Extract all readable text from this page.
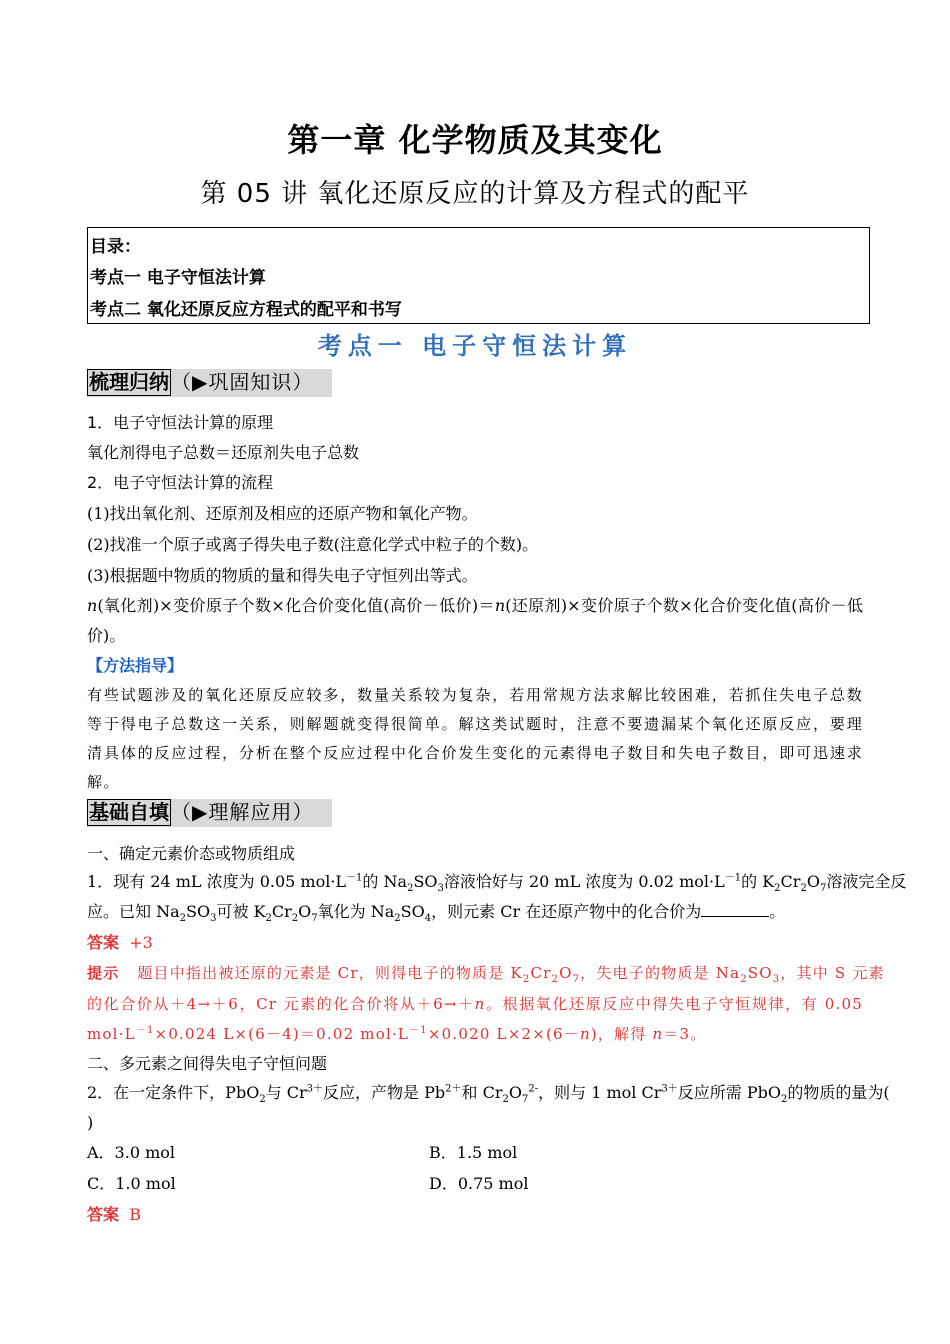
第一章 化学物质及其变化
第 05 讲 氧化还原反应的计算及方程式的配平
目录：
考点一 电子守恒法计算
考点二 氧化还原反应方程式的配平和书写
考点一 电子守恒法计算
梳理归纳 （▶巩固知识）
1．电子守恒法计算的原理
氧化剂得电子总数＝还原剂失电子总数
2．电子守恒法计算的流程
(1)找出氧化剂、还原剂及相应的还原产物和氧化产物。
(2)找准一个原子或离子得失电子数(注意化学式中粒子的个数)。
(3)根据题中物质的物质的量和得失电子守恒列出等式。
n(氧化剂)×变价原子个数×化合价变化值(高价－低价)＝n(还原剂)×变价原子个数×化合价变化值(高价－低
价)。
【方法指导】
有些试题涉及的氧化还原反应较多，数量关系较为复杂，若用常规方法求解比较困难，若抓住失电子总数
等于得电子总数这一关系，则解题就变得很简单。解这类试题时，注意不要遗漏某个氧化还原反应，要理
清具体的反应过程，分析在整个反应过程中化合价发生变化的元素得电子数目和失电子数目，即可迅速求
解。
基础自填 （▶理解应用）
一、确定元素价态或物质组成
1．现有 24 mL 浓度为 0.05 $mol\cdot L^{-1}$的 $Na_2SO_3$溶液恰好与 20 mL 浓度为 0.02 $mol\cdot L^{-1}$的 $K_2Cr_2O_7$溶液完全反
应。已知 $Na_2SO_3$可被 $K_2Cr_2O_7$氧化为 $Na_2SO_4$，则元素 Cr 在还原产物中的化合价为	。
答案 +3
提示 题目中指出被还原的元素是 Cr，则得电子的物质是 $K_2Cr_2O_7$，失电子的物质是 $Na_2SO_3$，其中 S 元素
的化合价从＋4→＋6，Cr 元素的化合价将从＋6→＋n。根据氧化还原反应中得失电子守恒规律，有 0.05
$mol\cdot L^{-1}\times 0.024$ L×(6－4)＝0.02 $mol\cdot L^{-1}\times 0.020$ L×2×(6－n)，解得 n＝3。
二、多元素之间得失电子守恒问题
2．在一定条件下，PbO$_2$与 $Cr^{3+}$反应，产物是 $Pb^{2+}$和 $Cr_2O_7^{2-}$，则与 1 mol $Cr^{3+}$反应所需 PbO$_2$的物质的量为(
)
A．3.0 mol	B．1.5 mol
C．1.0 mol	D．0.75 mol
答案 B
